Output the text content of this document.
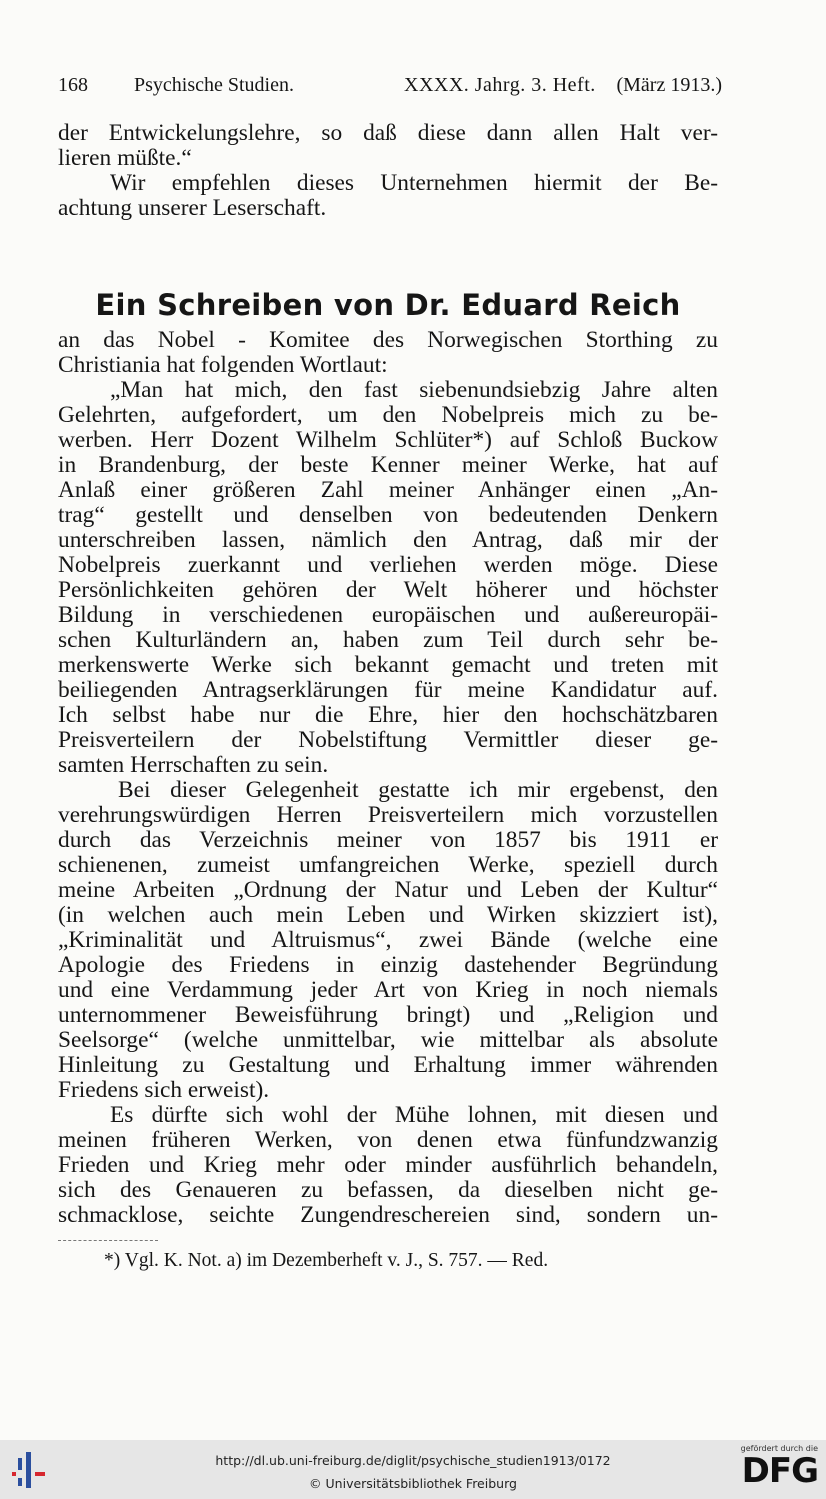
168 Psychische Studien.	XXXX. Jahrg. 3. Heft. (März 1913.)
der Entwickelungslehre, so daß diese dann allen Halt ver-
lieren müßte.“
Wir empfehlen dieses Unternehmen hiermit der Be-
achtung unserer Leserschaft.
Ein Schreiben von Dr. Eduard Reich
an das Nobel - Komitee des Norwegischen Storthing zu
Christiania hat folgenden Wortlaut:
„Man hat mich, den fast siebenundsiebzig Jahre alten
Gelehrten, aufgefordert, um den Nobelpreis mich zu be-
werben. Herr Dozent Wilhelm Schlüter*) auf Schloß Buckow
in Brandenburg, der beste Kenner meiner Werke, hat auf
Anlaß einer größeren Zahl meiner Anhänger einen „An-
trag“ gestellt und denselben von bedeutenden Denkern
unterschreiben lassen, nämlich den Antrag, daß mir der
Nobelpreis zuerkannt und verliehen werden möge. Diese
Persönlichkeiten gehören der Welt höherer und höchster
Bildung in verschiedenen europäischen und außereuropäi-
schen Kulturländern an, haben zum Teil durch sehr be-
merkenswerte Werke sich bekannt gemacht und treten mit
beiliegenden Antragserklärungen für meine Kandidatur auf.
Ich selbst habe nur die Ehre, hier den hochschätzbaren
Preisverteilern der Nobelstiftung Vermittler dieser ge-
samten Herrschaften zu sein.
Bei dieser Gelegenheit gestatte ich mir ergebenst, den
verehrungswürdigen Herren Preisverteilern mich vorzustellen
durch das Verzeichnis meiner von 1857 bis 1911 er
schienenen, zumeist umfangreichen Werke, speziell durch
meine Arbeiten „Ordnung der Natur und Leben der Kultur“
(in welchen auch mein Leben und Wirken skizziert ist),
„Kriminalität und Altruismus“, zwei Bände (welche eine
Apologie des Friedens in einzig dastehender Begründung
und eine Verdammung jeder Art von Krieg in noch niemals
unternommener Beweisführung bringt) und „Religion und
Seelsorge“ (welche unmittelbar, wie mittelbar als absolute
Hinleitung zu Gestaltung und Erhaltung immer währenden
Friedens sich erweist).
Es dürfte sich wohl der Mühe lohnen, mit diesen und
meinen früheren Werken, von denen etwa fünfundzwanzig
Frieden und Krieg mehr oder minder ausführlich behandeln,
sich des Genaueren zu befassen, da dieselben nicht ge-
schmacklose, seichte Zungendreschereien sind, sondern un-
*) Vgl. K. Not. a) im Dezemberheft v. J., S. 757. — Red.
http://dl.ub.uni-freiburg.de/diglit/psychische_studien1913/0172
© Universitätsbibliothek Freiburg
gefördert durch die
DFG
